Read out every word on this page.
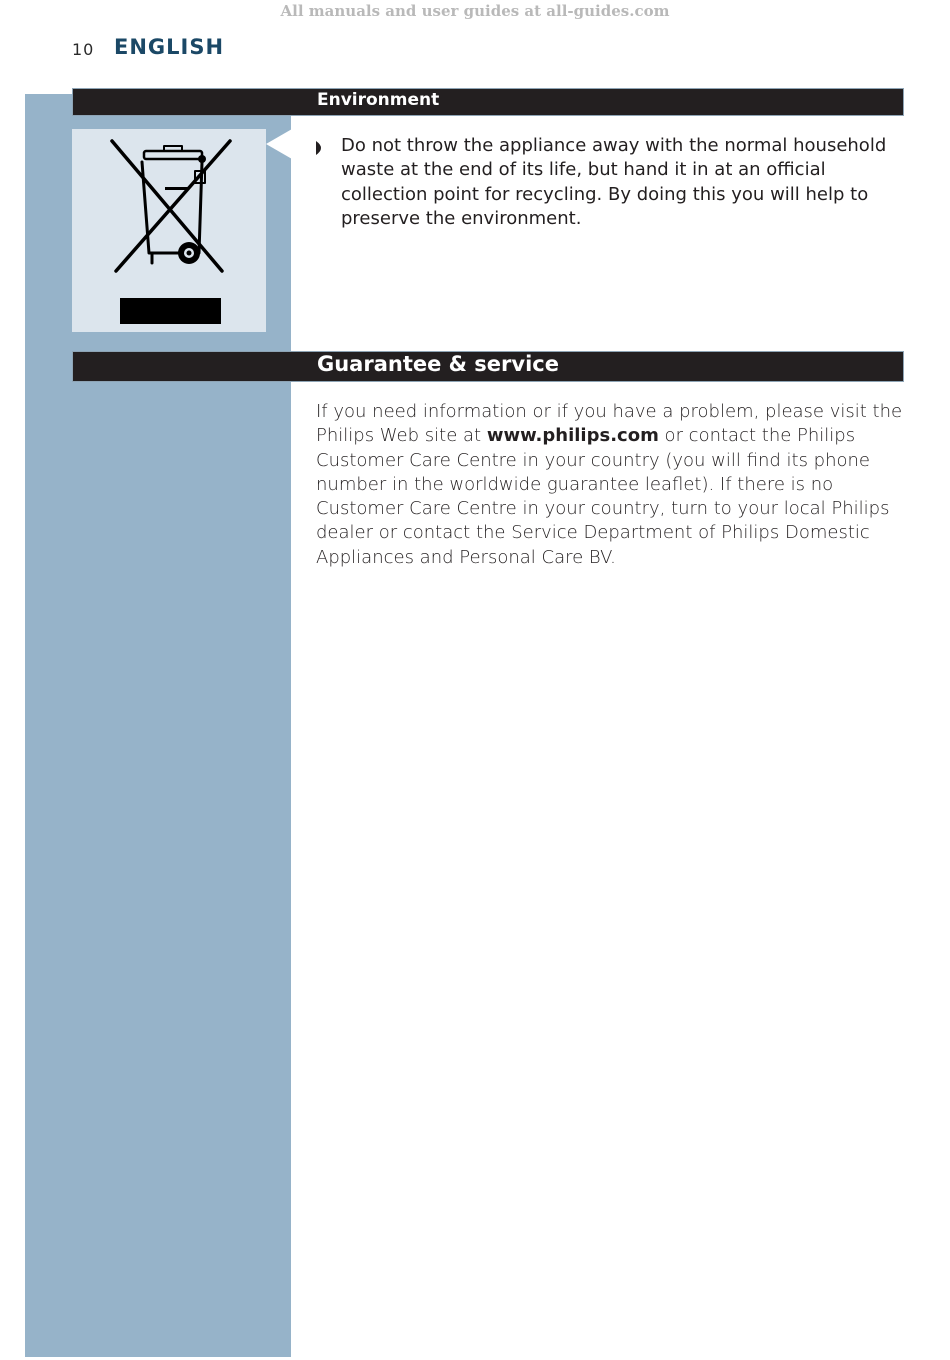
All manuals and user guides at all-guides.com
10 ENGLISH
Environment
Do not throw the appliance away with the normal household waste at the end of its life, but hand it in at an official collection point for recycling. By doing this you will help to preserve the environment.
Guarantee & service
If you need information or if you have a problem, please visit the Philips Web site at www.philips.com or contact the Philips Customer Care Centre in your country (you will find its phone number in the worldwide guarantee leaflet). If there is no Customer Care Centre in your country, turn to your local Philips dealer or contact the Service Department of Philips Domestic Appliances and Personal Care BV.
